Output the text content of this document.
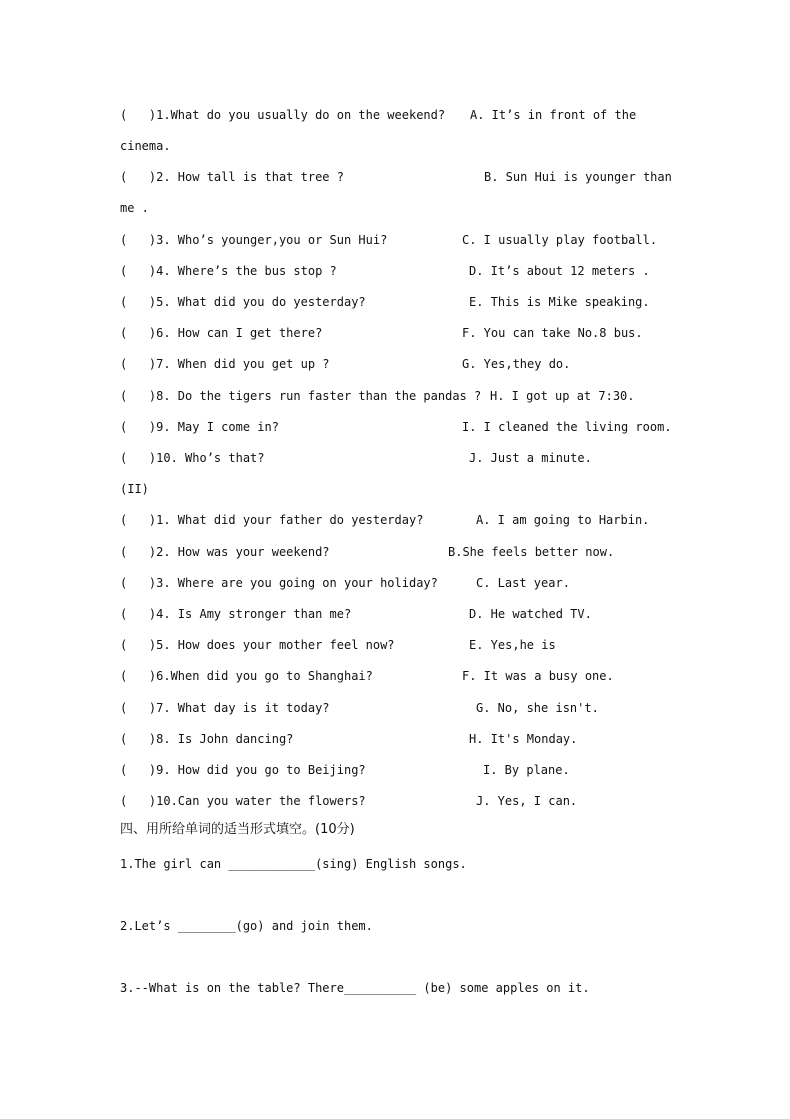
(   )1.What do you usually do on the weekend? A. It’s in front of the
cinema.
(   )2. How tall is that tree ?	B. Sun Hui is younger than
me .
(   )3. Who’s younger,you or Sun Hui?	C. I usually play football.
(   )4. Where’s the bus stop ?	D. It’s about 12 meters .
(   )5. What did you do yesterday?	E. This is Mike speaking.
(   )6. How can I get there?	F. You can take No.8 bus.
(   )7. When did you get up ?	G. Yes,they do.
(   )8. Do the tigers run faster than the pandas ? H. I got up at 7:30.
(   )9. May I come in?	I. I cleaned the living room.
(   )10. Who’s that?	J. Just a minute.
(II)
(   )1. What did your father do yesterday?	A. I am going to Harbin.
(   )2. How was your weekend?	B.She feels better now.
(   )3. Where are you going on your holiday?	C. Last year.
(   )4. Is Amy stronger than me?	D. He watched TV.
(   )5. How does your mother feel now?	E. Yes,he is
(   )6.When did you go to Shanghai?	F. It was a busy one.
(   )7. What day is it today?	G. No, she isn't.
(   )8. Is John dancing?	H. It's Monday.
(   )9. How did you go to Beijing?	I. By plane.
(   )10.Can you water the flowers?	J. Yes, I can.
四、用所给单词的适当形式填空。(10分)
1.The girl can ____________(sing) English songs.
2.Let’s ________(go) and join them.
3.--What is on the table? There__________ (be) some apples on it.
